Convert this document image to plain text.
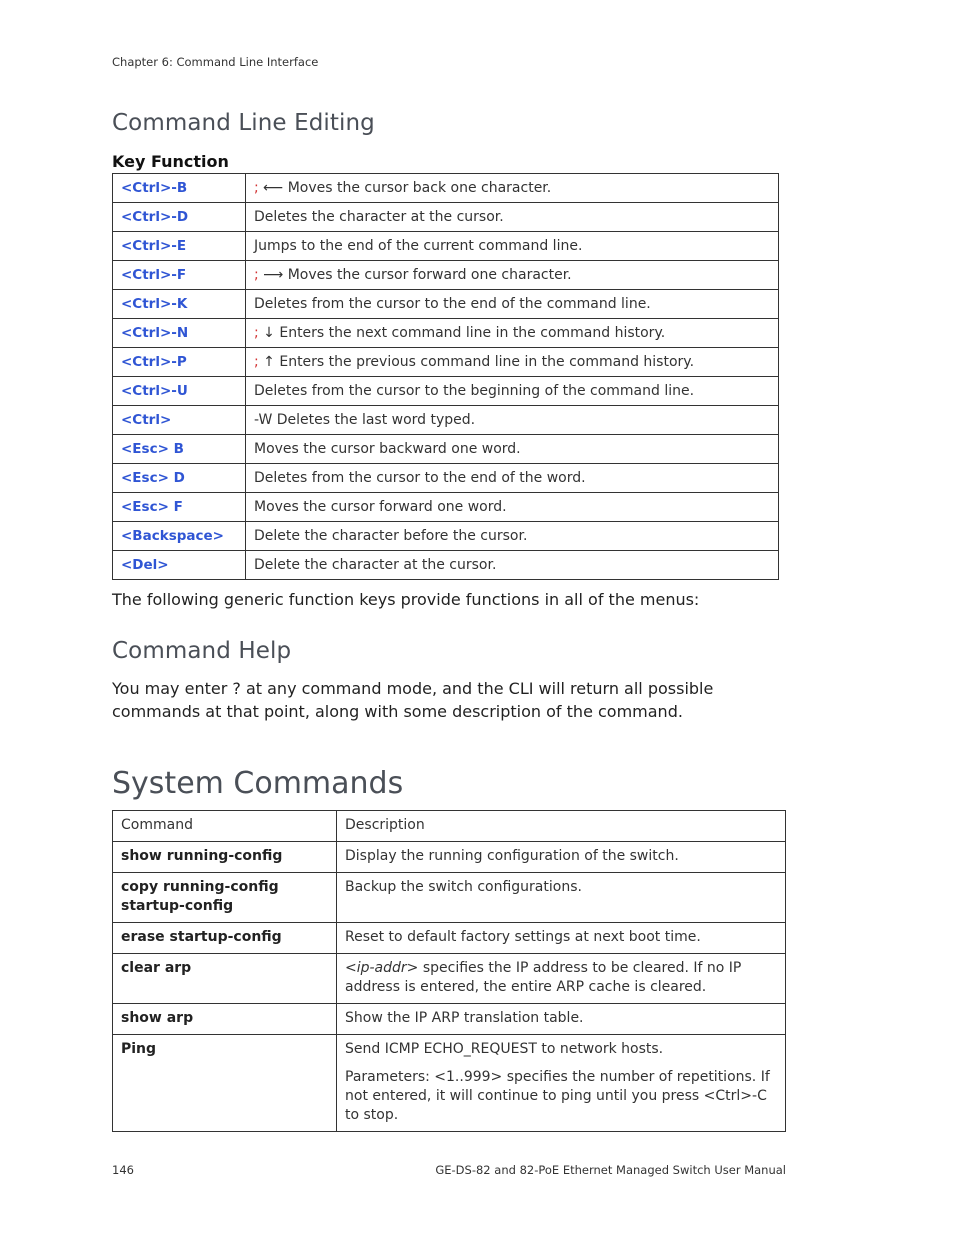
Chapter 6: Command Line Interface
Command Line Editing
Key Function
<Ctrl>-B	; ⟵ Moves the cursor back one character.
<Ctrl>-D	Deletes the character at the cursor.
<Ctrl>-E	Jumps to the end of the current command line.
<Ctrl>-F	; ⟶ Moves the cursor forward one character.
<Ctrl>-K	Deletes from the cursor to the end of the command line.
<Ctrl>-N	; ↓ Enters the next command line in the command history.
<Ctrl>-P	; ↑ Enters the previous command line in the command history.
<Ctrl>-U	Deletes from the cursor to the beginning of the command line.
<Ctrl>	-W Deletes the last word typed.
<Esc> B	Moves the cursor backward one word.
<Esc> D	Deletes from the cursor to the end of the word.
<Esc> F	Moves the cursor forward one word.
<Backspace>	Delete the character before the cursor.
<Del>	Delete the character at the cursor.
The following generic function keys provide functions in all of the menus:
Command Help
You may enter ? at any command mode, and the CLI will return all possible
commands at that point, along with some description of the command.
System Commands
Command	Description
show running-config	Display the running configuration of the switch.
copy running-config startup-config	Backup the switch configurations.
erase startup-config	Reset to default factory settings at next boot time.
clear arp	<ip-addr> specifies the IP address to be cleared. If no IP address is entered, the entire ARP cache is cleared.
show arp	Show the IP ARP translation table.
Ping	Send ICMP ECHO_REQUEST to network hosts.

Parameters: <1..999> specifies the number of repetitions. If not entered, it will continue to ping until you press <Ctrl>-C to stop.

146	GE-DS-82 and 82-PoE Ethernet Managed Switch User Manual
